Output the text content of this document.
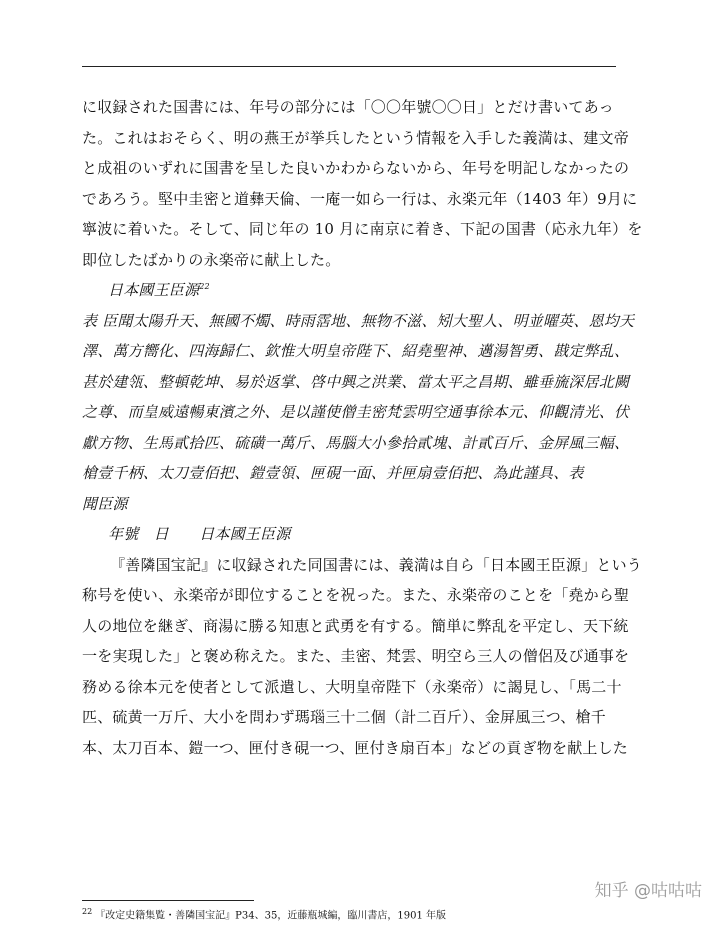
に収録された国書には、年号の部分には「〇〇年號〇〇日」とだけ書いてあっ
た。これはおそらく、明の燕王が挙兵したという情報を入手した義満は、建文帝
と成祖のいずれに国書を呈した良いかわからないから、年号を明記しなかったの
であろう。堅中圭密と道彝天倫、一庵一如ら一行は、永楽元年（1403 年）9月に
寧波に着いた。そして、同じ年の 10 月に南京に着き、下記の国書（応永九年）を
即位したばかりの永楽帝に献上した。
日本國王臣源$^{22}$
表 臣聞太陽升天、無國不燭、時雨霑地、無物不滋、矧大聖人、明並曜英、恩均天
澤、萬方嚮化、四海歸仁、欽惟大明皇帝陛下、紹堯聖神、邁湯智勇、戡定弊乱、
甚於建瓴、整頓乾坤、易於返掌、啓中興之洪業、當太平之昌期、雖垂旒深居北闕
之尊、而皇威遠暢東濱之外、是以謹使僧圭密梵雲明空通事徐本元、仰觀清光、伏
獻方物、生馬貳拾匹、硫磺一萬斤、馬腦大小參拾貳塊、計貳百斤、金屏風三幅、
槍壹千柄、太刀壹佰把、鎧壹領、匣硯一面、并匣扇壹佰把、為此謹具、表
聞臣源
年號　日　　日本國王臣源
『善隣国宝記』に収録された同国書には、義満は自ら「日本國王臣源」という
称号を使い、永楽帝が即位することを祝った。また、永楽帝のことを「堯から聖
人の地位を継ぎ、商湯に勝る知恵と武勇を有する。簡単に弊乱を平定し、天下統
一を実現した」と褒め称えた。また、圭密、梵雲、明空ら三人の僧侶及び通事を
務める徐本元を使者として派遣し、大明皇帝陛下（永楽帝）に謁見し、「馬二十
匹、硫黄一万斤、大小を問わず瑪瑙三十二個（計二百斤）、金屏風三つ、槍千
本、太刀百本、鎧一つ、匣付き硯一つ、匣付き扇百本」などの貢ぎ物を献上した
$^{22}$ 『改定史籍集覧・善隣国宝記』P34、35，近藤瓶城編，臨川書店，1901 年版
知乎 @咕咕咕
